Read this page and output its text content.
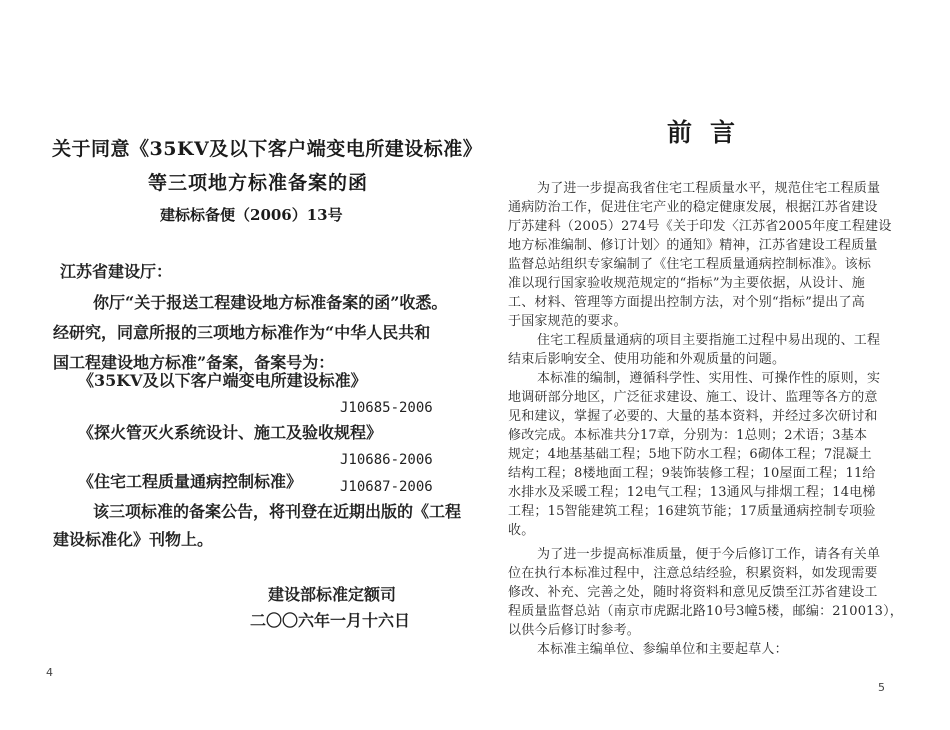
关于同意《35KV及以下客户端变电所建设标准》

等三项地方标准备案的函

建标标备便（2006）13号

江苏省建设厅：

你厅“关于报送工程建设地方标准备案的函”收悉。

经研究，同意所报的三项地方标准作为“中华人民共和

国工程建设地方标准”备案，备案号为：

《35KV及以下客户端变电所建设标准》

J10685-2006

《探火管灭火系统设计、施工及验收规程》

J10686-2006

《住宅工程质量通病控制标准》	J10687-2006

该三项标准的备案公告，将刊登在近期出版的《工程

建设标准化》刊物上。

建设部标准定额司

二〇〇六年一月十六日

4

前言

为了进一步提高我省住宅工程质量水平，规范住宅工程质量

通病防治工作，促进住宅产业的稳定健康发展，根据江苏省建设

厅苏建科（2005）274号《关于印发〈江苏省2005年度工程建设

地方标准编制、修订计划〉的通知》精神，江苏省建设工程质量

监督总站组织专家编制了《住宅工程质量通病控制标准》。该标

准以现行国家验收规范规定的“指标”为主要依据，从设计、施

工、材料、管理等方面提出控制方法，对个别“指标”提出了高

于国家规范的要求。

住宅工程质量通病的项目主要指施工过程中易出现的、工程

结束后影响安全、使用功能和外观质量的问题。

本标准的编制，遵循科学性、实用性、可操作性的原则，实

地调研部分地区，广泛征求建设、施工、设计、监理等各方的意

见和建议，掌握了必要的、大量的基本资料，并经过多次研讨和

修改完成。本标准共分17章，分别为：1总则；2术语；3基本

规定；4地基基础工程；5地下防水工程；6砌体工程；7混凝土

结构工程；8楼地面工程；9装饰装修工程；10屋面工程；11给

水排水及采暖工程；12电气工程；13通风与排烟工程；14电梯

工程；15智能建筑工程；16建筑节能；17质量通病控制专项验

收。

为了进一步提高标准质量，便于今后修订工作，请各有关单

位在执行本标准过程中，注意总结经验，积累资料，如发现需要

修改、补充、完善之处，随时将资料和意见反馈至江苏省建设工

程质量监督总站（南京市虎踞北路10号3幢5楼，邮编：210013），

以供今后修订时参考。

本标准主编单位、参编单位和主要起草人：

5
